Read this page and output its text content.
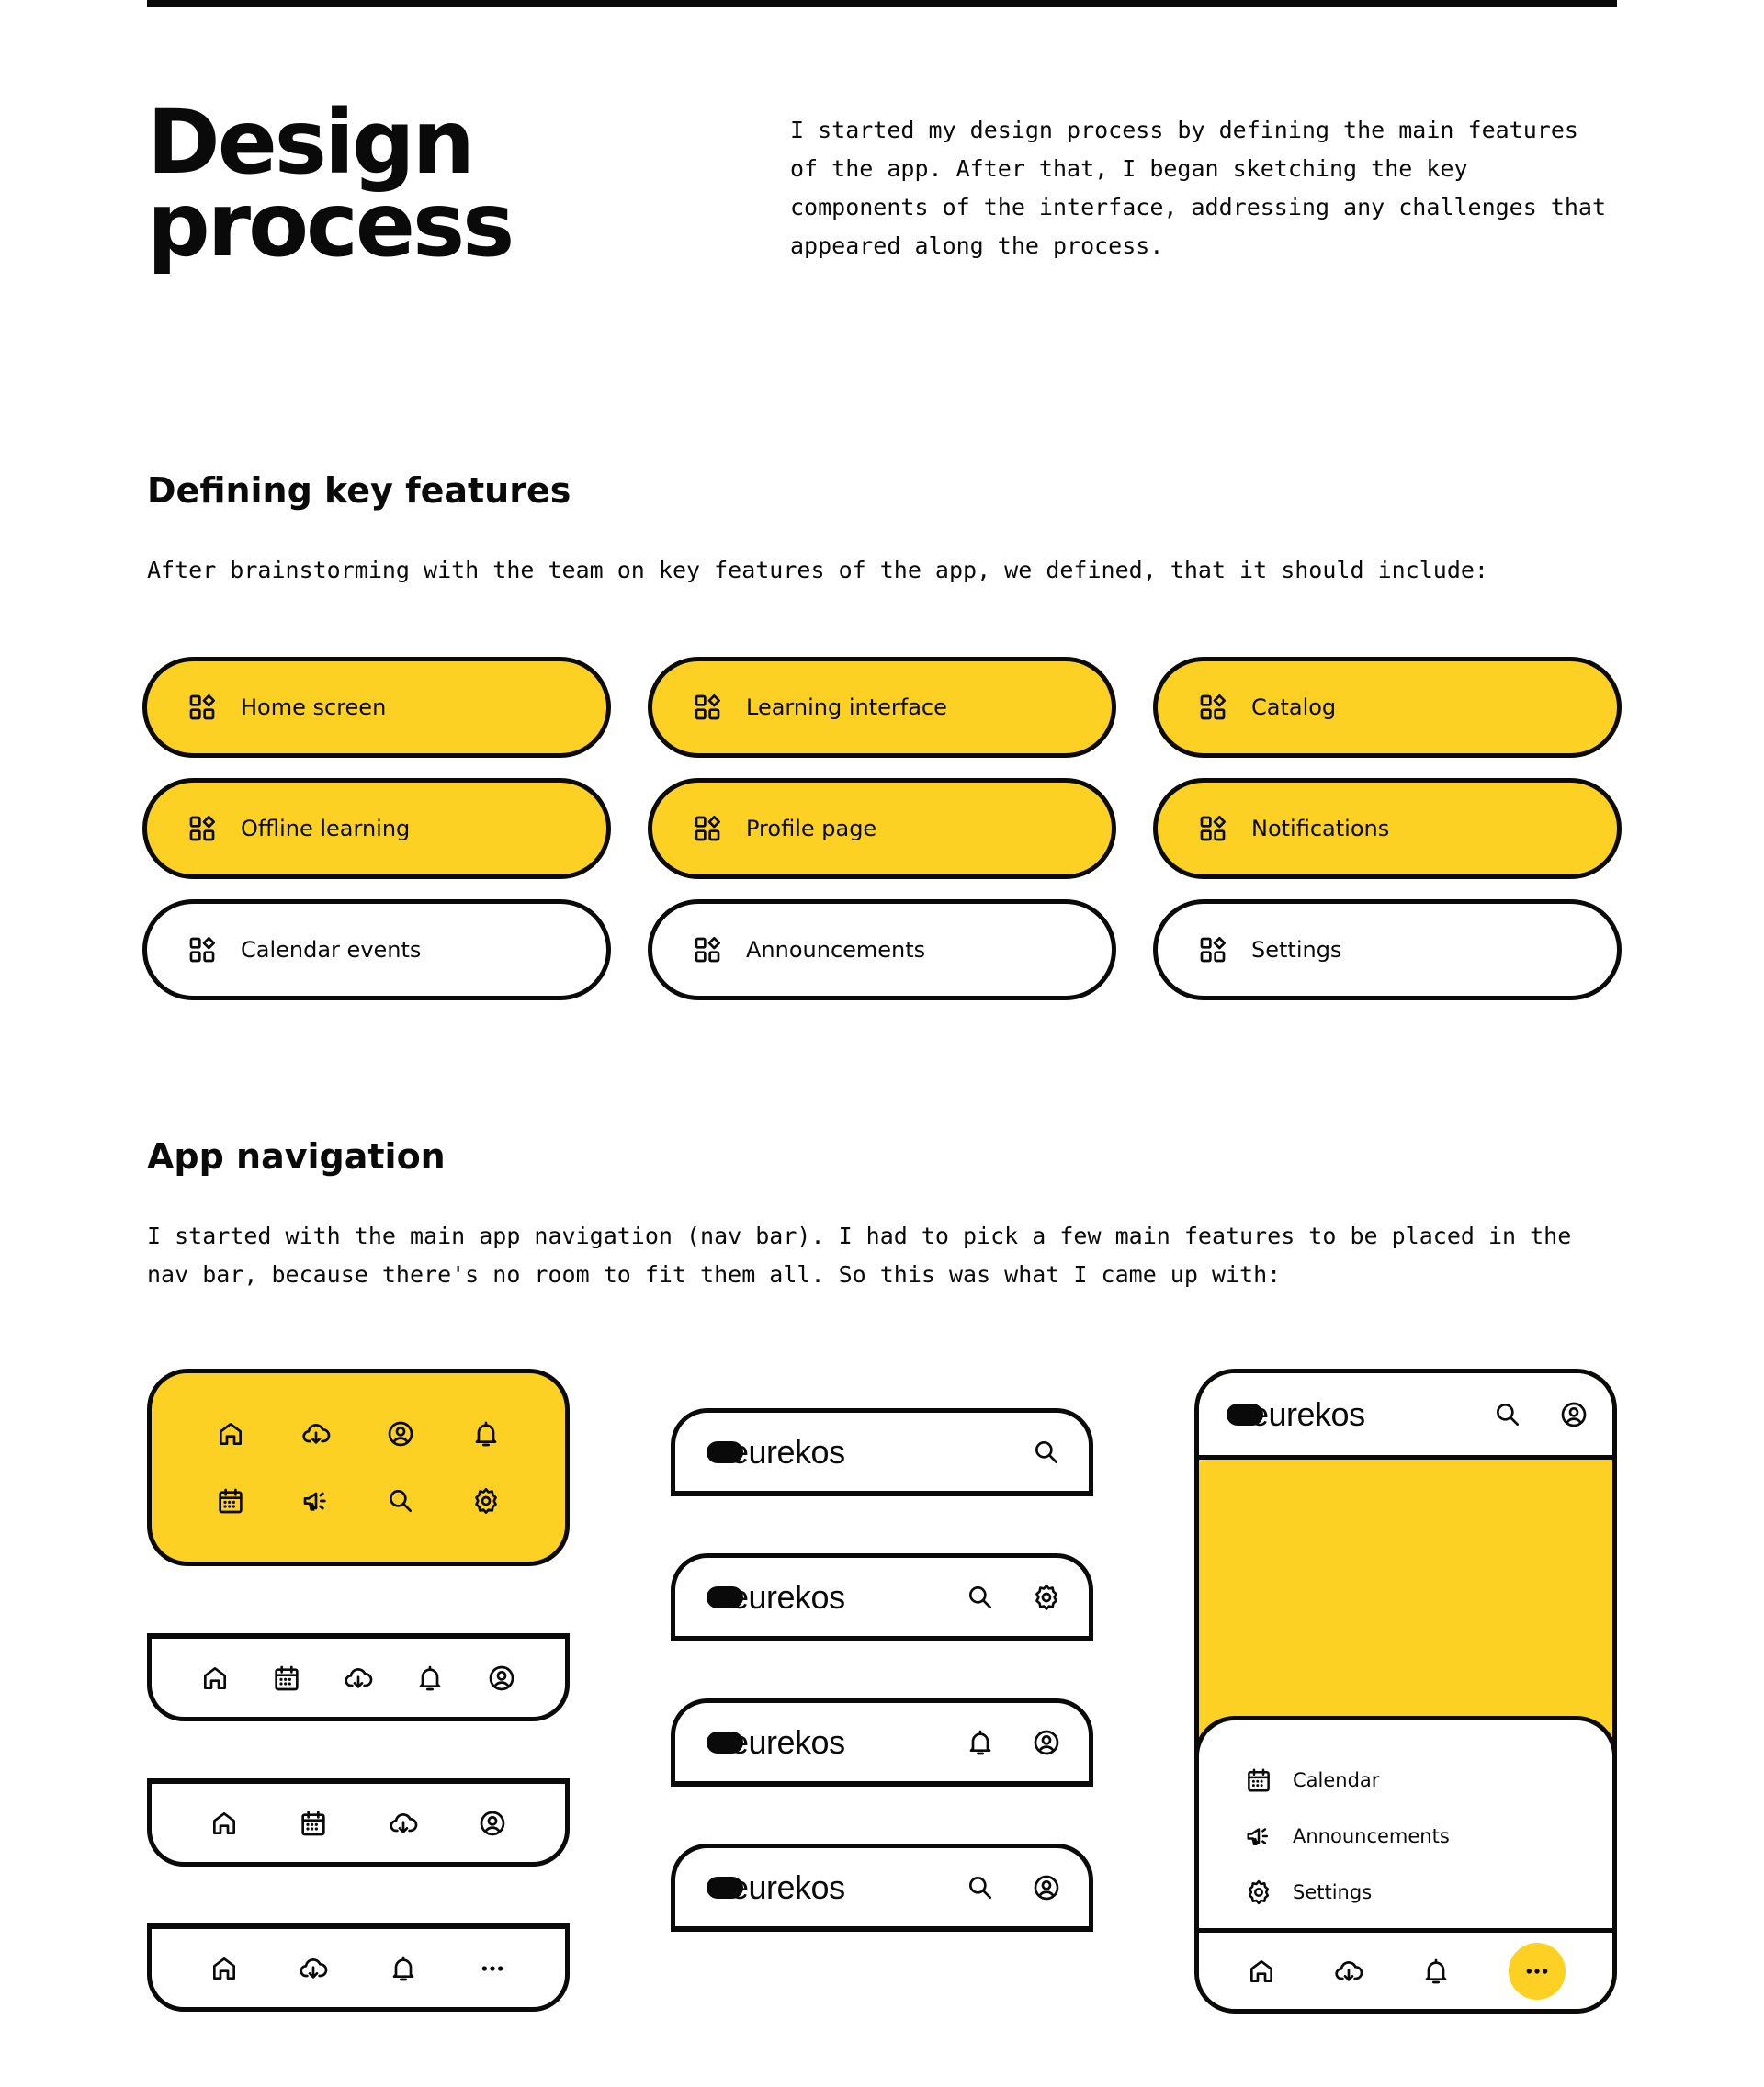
Design
process

I started my design process by defining the main features of the app. After that, I began sketching the key components of the interface, addressing any challenges that appeared along the process.

Defining key features

After brainstorming with the team on key features of the app, we defined, that it should include:

Home screen	Learning interface	Catalog
Offline learning	Profile page	Notifications
Calendar events	Announcements	Settings
App navigation

I started with the main app navigation (nav bar). I had to pick a few main features to be placed in the nav bar, because there's no room to fit them all. So this was what I came up with:

eurekos
eurekos
eurekos
eurekos
eurekos
Calendar
Announcements
Settings
